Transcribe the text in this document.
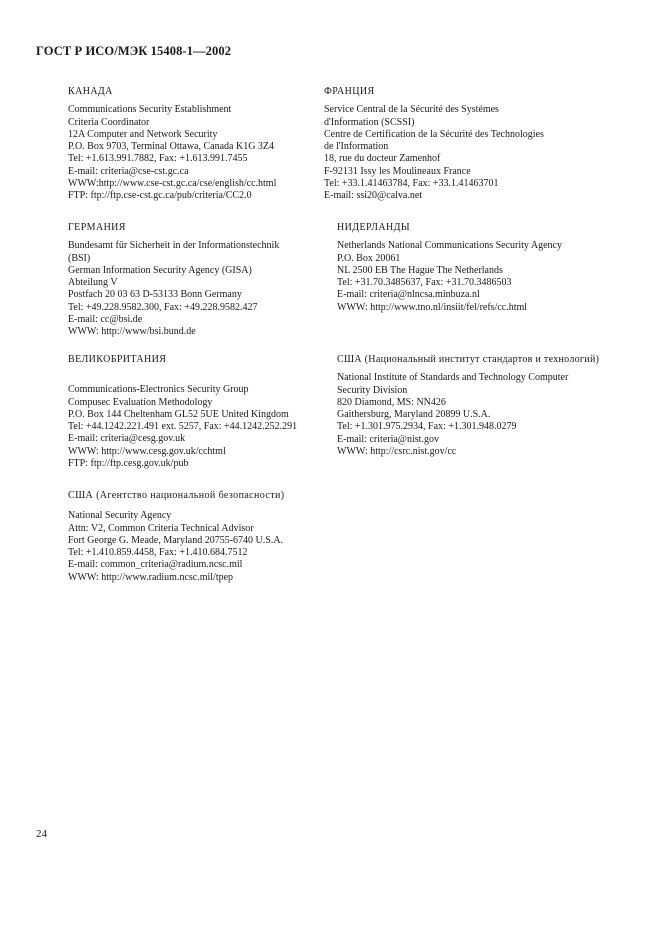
ГОСТ Р ИСО/МЭК 15408-1—2002
КАНАДА
Communications Security Establishment
Criteria Coordinator
12A Computer and Network Security
P.O. Box 9703, Terminal Ottawa, Canada K1G 3Z4
Tel: +1.613.991.7882, Fax: +1.613.991.7455
E-mail: criteria@cse-cst.gc.ca
WWW:http://www.cse-cst.gc.ca/cse/english/cc.html
FTP: ftp://ftp.cse-cst.gc.ca/pub/criteria/CC2.0
ФРАНЦИЯ
Service Central de la Sécurité des Systémes
d'Information (SCSSI)
Centre de Certification de la Sécurité des Technologies
de l'Information
18, rue du docteur Zamenhof
F-92131 Issy les Moulineaux France
Tel: +33.1.41463784, Fax: +33.1.41463701
E-mail: ssi20@calva.net
ГЕРМАНИЯ
Bundesamt für Sicherheit in der Informationstechnik
(BSI)
German Information Security Agency (GISA)
Abteilung V
Postfach 20 03 63 D-53133 Bonn Germany
Tel: +49.228.9582.300, Fax: +49.228.9582.427
E-mail: cc@bsi.de
WWW: http://www/bsi.bund.de
НИДЕРЛАНДЫ
Netherlands National Communications Security Agency
P.O. Box 20061
NL 2500 EB The Hague The Netherlands
Tel: +31.70.3485637, Fax: +31.70.3486503
E-mail: criteria@nlncsa.minbuza.nl
WWW: http://www.tno.nl/insiit/fel/refs/cc.html
ВЕЛИКОБРИТАНИЯ
Communications-Electronics Security Group
Compusec Evaluation Methodology
P.O. Box 144 Cheltenham GL52 5UE United Kingdom
Tel: +44.1242.221.491 ext. 5257, Fax: +44.1242.252.291
E-mail: criteria@cesg.gov.uk
WWW: http://www.cesg.gov.uk/cchtml
FTP: ftp://ftp.cesg.gov.uk/pub
США (Национальный институт стандартов и технологий)
National Institute of Standards and Technology Computer
Security Division
820 Diamond, MS: NN426
Gaithersburg, Maryland 20899 U.S.A.
Tel: +1.301.975.2934, Fax: +1.301.948.0279
E-mail: criteria@nist.gov
WWW: http://csrc.nist.gov/cc
США (Агентство национальной безопасности)
National Security Agency
Attn: V2, Common Criteria Technical Advisor
Fort George G. Meade, Maryland 20755-6740 U.S.A.
Tel: +1.410.859.4458, Fax: +1.410.684.7512
E-mail: common_criteria@radium.ncsc.mil
WWW: http://www.radium.ncsc.mil/tpep
24
